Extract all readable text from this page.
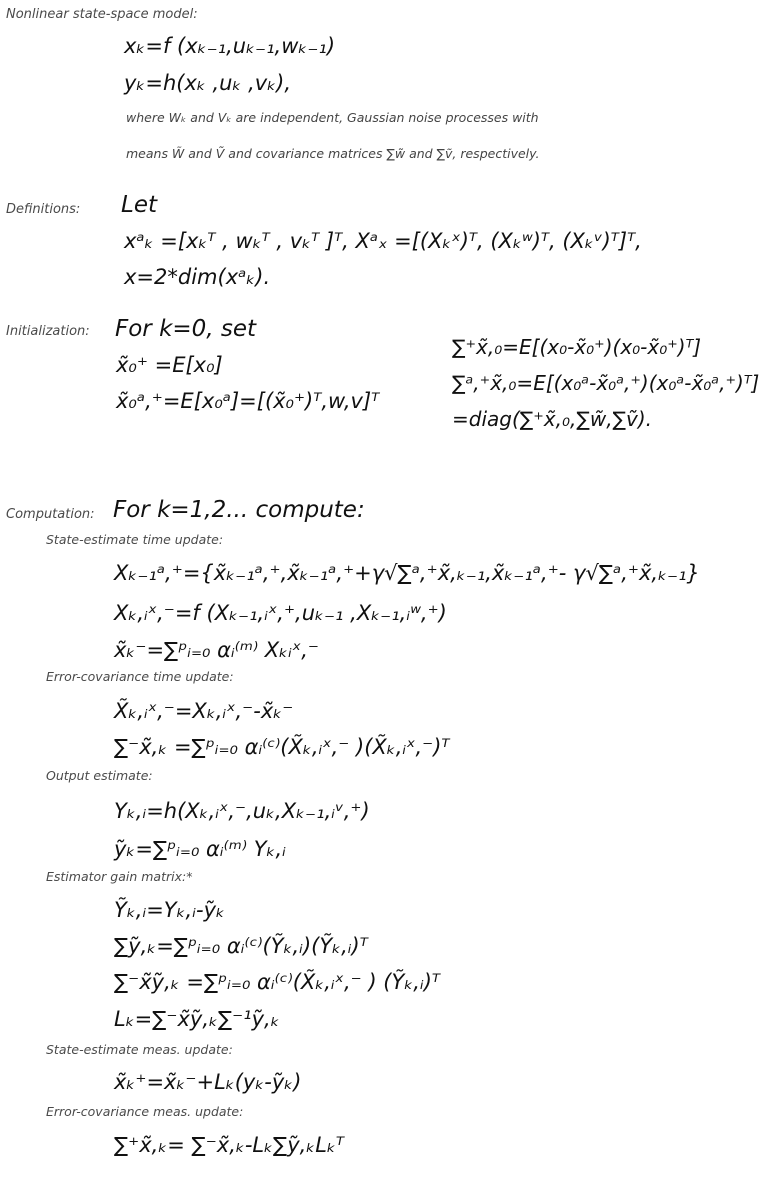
Nonlinear state-space model:
xₖ=f (xₖ₋₁,uₖ₋₁,wₖ₋₁)
yₖ=h(xₖ ,uₖ ,vₖ),
where Wₖ and Vₖ are independent, Gaussian noise processes with
means W̃ and Ṽ and covariance matrices ∑w̃ and ∑ṽ, respectively.
Definitions: Let
xᵃₖ =[xₖᵀ , wₖᵀ , vₖᵀ ]ᵀ, Xᵃₓ =[(Xₖˣ)ᵀ, (Xₖʷ)ᵀ, (Xₖᵛ)ᵀ]ᵀ,
x=2*dim(xᵃₖ).
Initialization: For k=0, set
x̃₀⁺ =E[x₀]
x̃₀ᵃ,⁺=E[x₀ᵃ]=[(x̃₀⁺)ᵀ,w,v]ᵀ
∑⁺x̃,₀=E[(x₀-x̃₀⁺)(x₀-x̃₀⁺)ᵀ]
∑ᵃ,⁺x̃,₀=E[(x₀ᵃ-x̃₀ᵃ,⁺)(x₀ᵃ-x̃₀ᵃ,⁺)ᵀ]
=diag(∑⁺x̃,₀,∑w̃,∑ṽ).
Computation: For k=1,2... compute:
State-estimate time update:
Xₖ₋₁ᵃ,⁺={x̃ₖ₋₁ᵃ,⁺,x̃ₖ₋₁ᵃ,⁺+γ√∑ᵃ,⁺x̃,ₖ₋₁,x̃ₖ₋₁ᵃ,⁺- γ√∑ᵃ,⁺x̃,ₖ₋₁}
Xₖ,ᵢˣ,⁻=f (Xₖ₋₁,ᵢˣ,⁺,uₖ₋₁ ,Xₖ₋₁,ᵢʷ,⁺)
x̃ₖ⁻=∑ᵖᵢ₌₀ αᵢ⁽ᵐ⁾ Xₖᵢˣ,⁻
Error-covariance time update:
X̃ₖ,ᵢˣ,⁻=Xₖ,ᵢˣ,⁻-x̃ₖ⁻
∑⁻x̃,ₖ =∑ᵖᵢ₌₀ αᵢ⁽ᶜ⁾(X̃ₖ,ᵢˣ,⁻ )(X̃ₖ,ᵢˣ,⁻)ᵀ
Output estimate:
Yₖ,ᵢ=h(Xₖ,ᵢˣ,⁻,uₖ,Xₖ₋₁,ᵢᵛ,⁺)
ỹₖ=∑ᵖᵢ₌₀ αᵢ⁽ᵐ⁾ Yₖ,ᵢ
Estimator gain matrix:*
Ỹₖ,ᵢ=Yₖ,ᵢ-ỹₖ
∑ỹ,ₖ=∑ᵖᵢ₌₀ αᵢ⁽ᶜ⁾(Ỹₖ,ᵢ)(Ỹₖ,ᵢ)ᵀ
∑⁻x̃ỹ,ₖ =∑ᵖᵢ₌₀ αᵢ⁽ᶜ⁾(X̃ₖ,ᵢˣ,⁻ ) (Ỹₖ,ᵢ)ᵀ
Lₖ=∑⁻x̃ỹ,ₖ∑⁻¹ỹ,ₖ
State-estimate meas. update:
x̃ₖ⁺=x̃ₖ⁻+Lₖ(yₖ-ỹₖ)
Error-covariance meas. update:
∑⁺x̃,ₖ= ∑⁻x̃,ₖ-Lₖ∑ỹ,ₖLₖᵀ
